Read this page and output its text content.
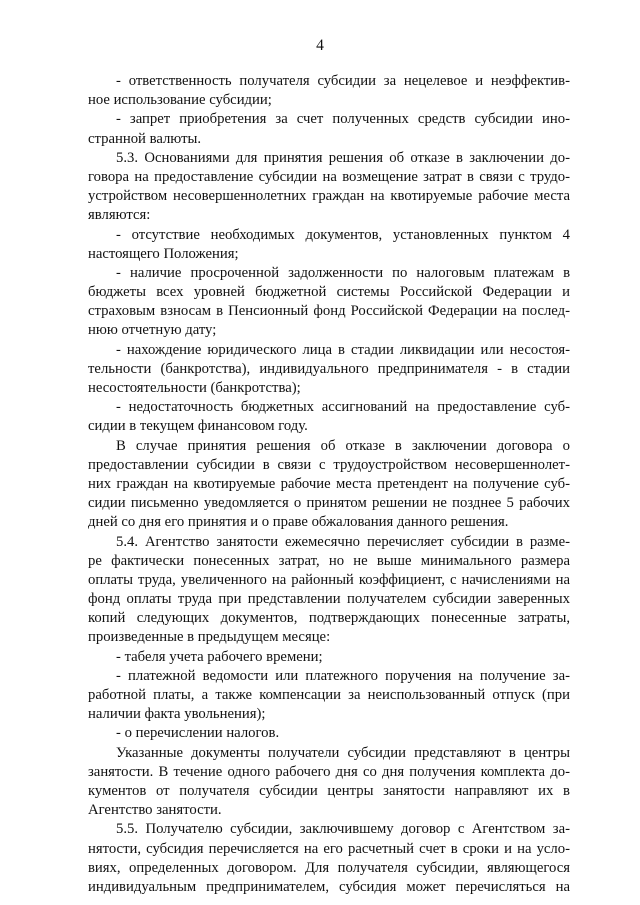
4
- ответственность получателя субсидии за нецелевое и неэффектив-
ное использование субсидии;
- запрет приобретения за счет полученных средств субсидии ино-
странной валюты.
5.3. Основаниями для принятия решения об отказе в заключении до-
говора на предоставление субсидии на возмещение затрат в связи с трудо-
устройством несовершеннолетних граждан на квотируемые рабочие места
являются:
- отсутствие необходимых документов, установленных пунктом 4
настоящего Положения;
- наличие просроченной задолженности по налоговым платежам в
бюджеты всех уровней бюджетной системы Российской Федерации и
страховым взносам в Пенсионный фонд Российской Федерации на послед-
нюю отчетную дату;
- нахождение юридического лица в стадии ликвидации или несостоя-
тельности (банкротства), индивидуального предпринимателя - в стадии
несостоятельности (банкротства);
- недостаточность бюджетных ассигнований на предоставление суб-
сидии в текущем финансовом году.
В случае принятия решения об отказе в заключении договора о
предоставлении субсидии в связи с трудоустройством несовершеннолет-
них граждан на квотируемые рабочие места претендент на получение суб-
сидии письменно уведомляется о принятом решении не позднее 5 рабочих
дней со дня его принятия и о праве обжалования данного решения.
5.4. Агентство занятости ежемесячно перечисляет субсидии в разме-
ре фактически понесенных затрат, но не выше минимального размера
оплаты труда, увеличенного на районный коэффициент, с начислениями на
фонд оплаты труда при представлении получателем субсидии заверенных
копий следующих документов, подтверждающих понесенные затраты,
произведенные в предыдущем месяце:
- табеля учета рабочего времени;
- платежной ведомости или платежного поручения на получение за-
работной платы, а также компенсации за неиспользованный отпуск (при
наличии факта увольнения);
- о перечислении налогов.
Указанные документы получатели субсидии представляют в центры
занятости. В течение одного рабочего дня со дня получения комплекта до-
кументов от получателя субсидии центры занятости направляют их в
Агентство занятости.
5.5. Получателю субсидии, заключившему договор с Агентством за-
нятости, субсидия перечисляется на его расчетный счет в сроки и на усло-
виях, определенных договором. Для получателя субсидии, являющегося
индивидуальным предпринимателем, субсидия может перечисляться на
